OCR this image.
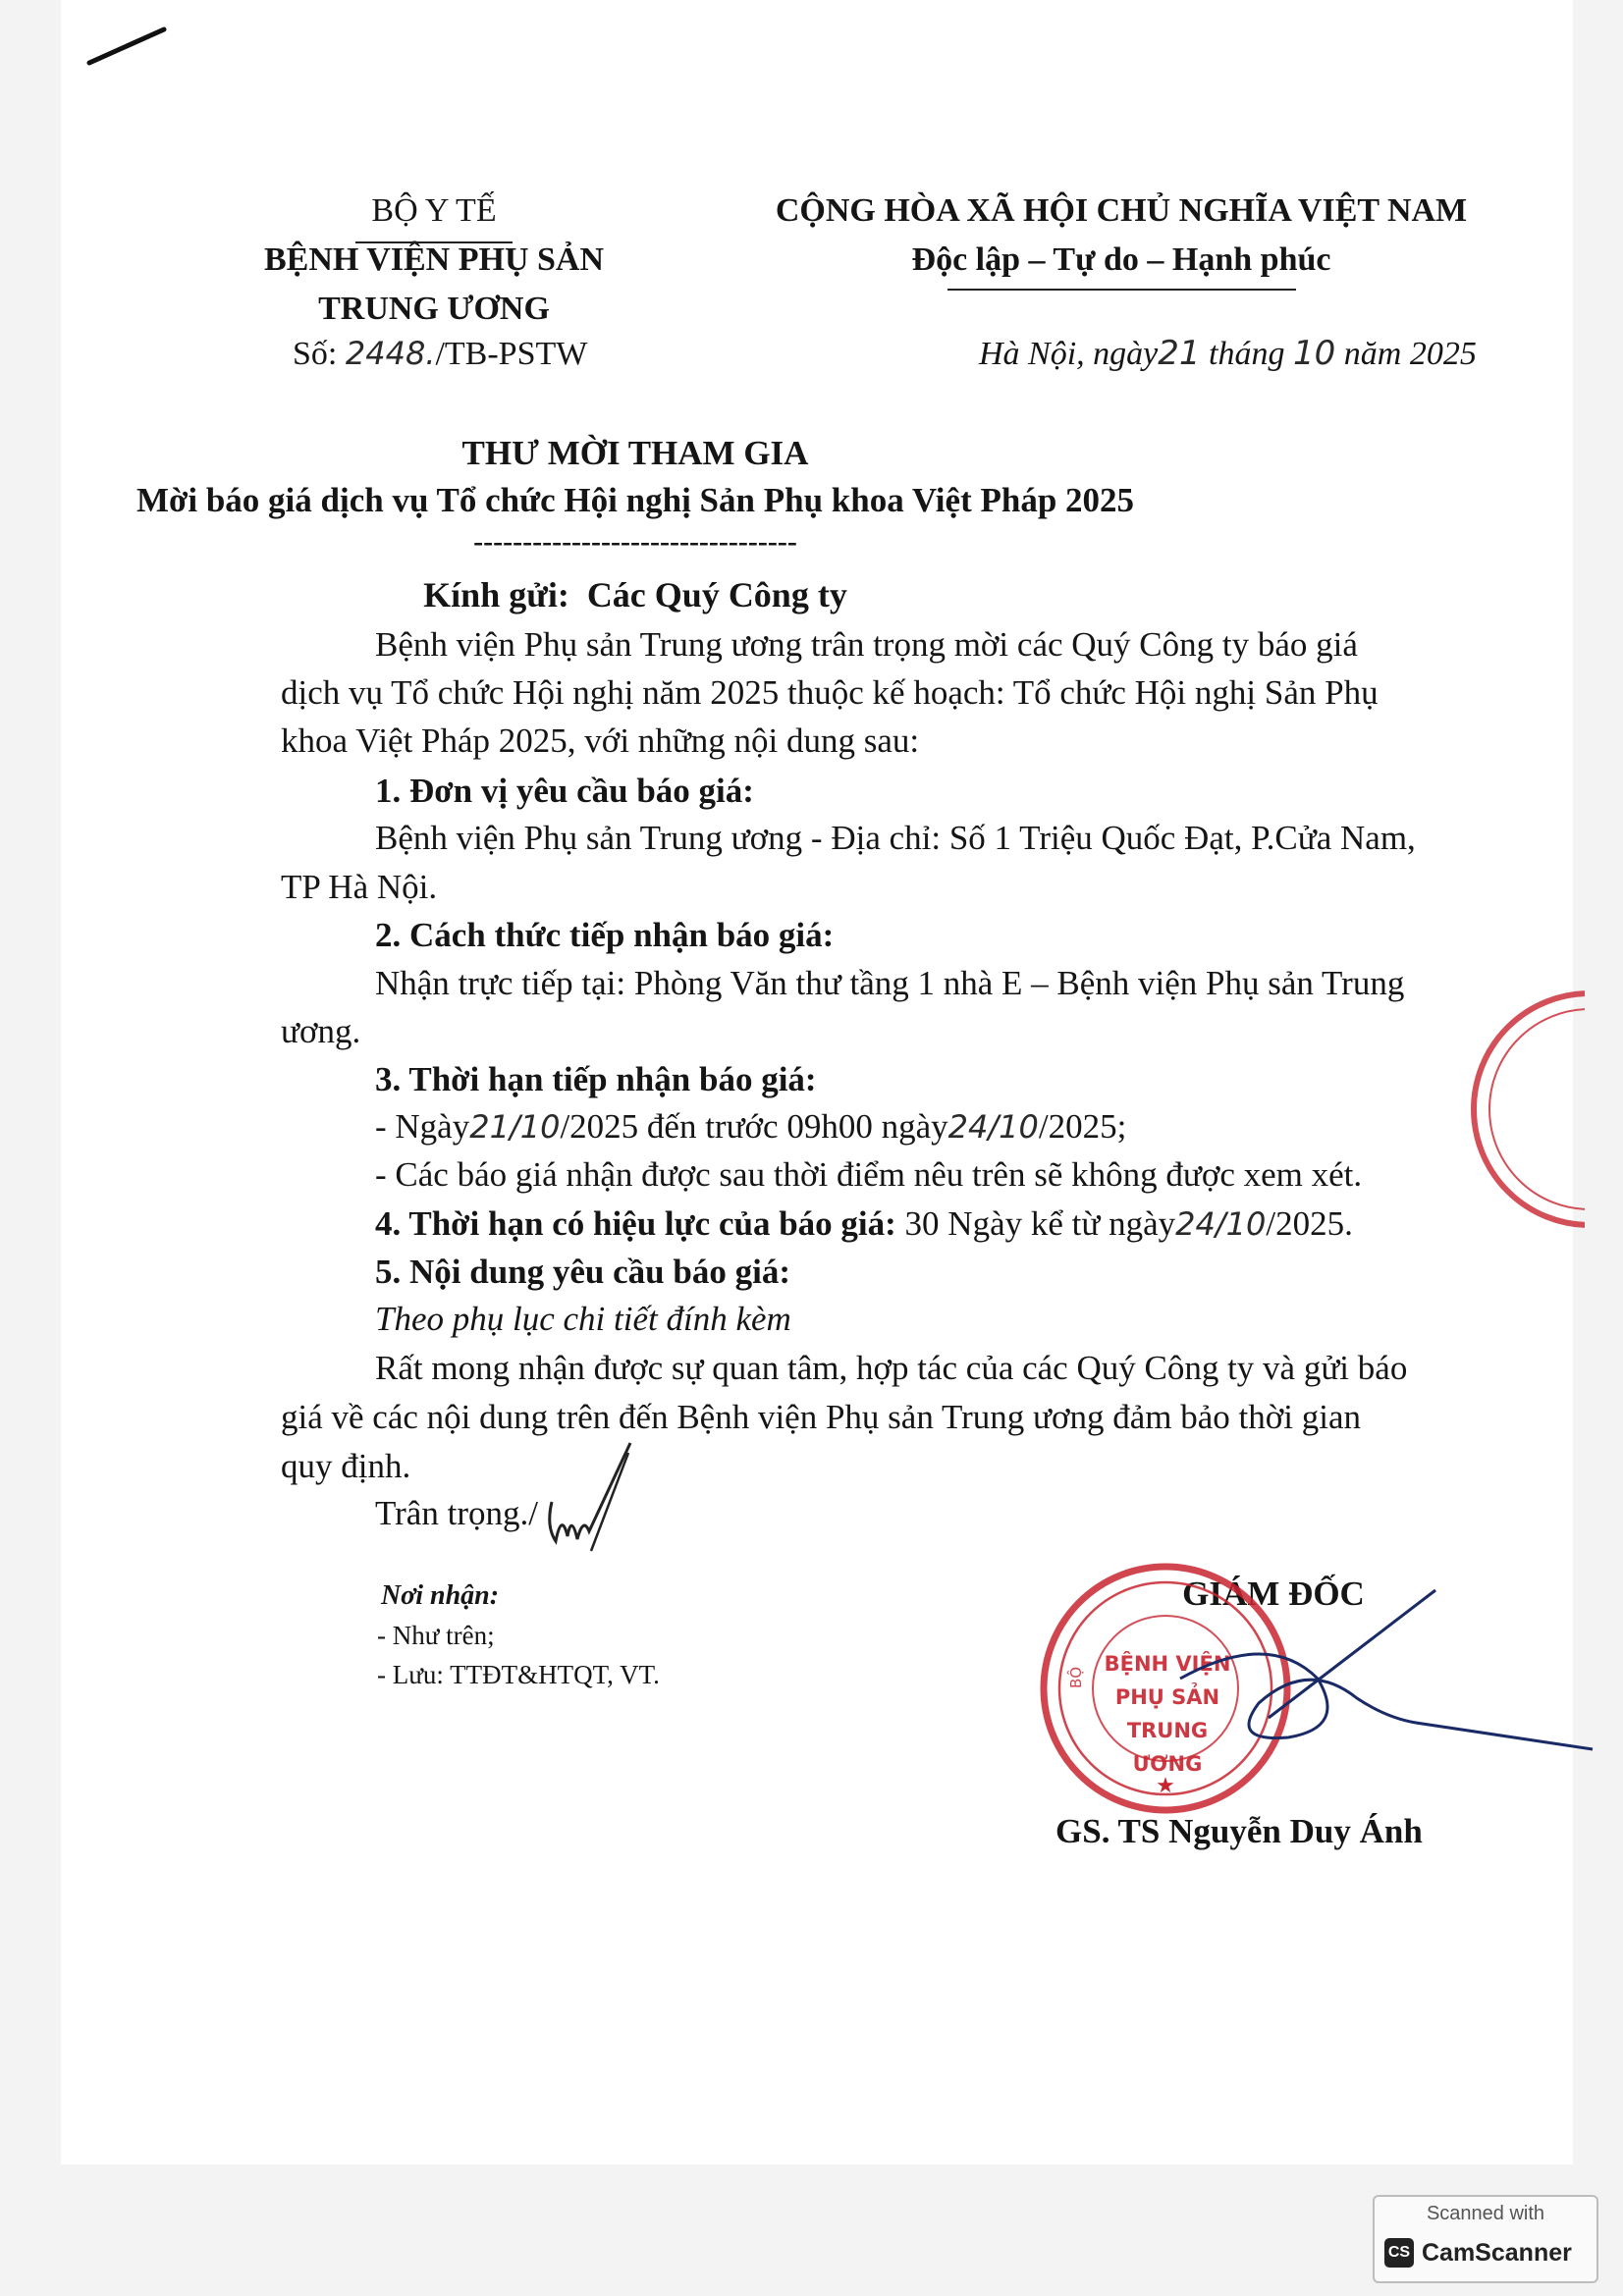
BỘ Y TẾ
BỆNH VIỆN PHỤ SẢN
TRUNG ƯƠNG
Số: 2448./TB-PSTW
CỘNG HÒA XÃ HỘI CHỦ NGHĨA VIỆT NAM
Độc lập – Tự do – Hạnh phúc
Hà Nội, ngày21 tháng 10 năm 2025
THƯ MỜI THAM GIA
Mời báo giá dịch vụ Tổ chức Hội nghị Sản Phụ khoa Việt Pháp 2025
---------------------------------
Kính gửi:  Các Quý Công ty
Bệnh viện Phụ sản Trung ương trân trọng mời các Quý Công ty báo giá
dịch vụ Tổ chức Hội nghị năm 2025 thuộc kế hoạch: Tổ chức Hội nghị Sản Phụ
khoa Việt Pháp 2025, với những nội dung sau:
1. Đơn vị yêu cầu báo giá:
Bệnh viện Phụ sản Trung ương - Địa chỉ: Số 1 Triệu Quốc Đạt, P.Cửa Nam,
TP Hà Nội.
2. Cách thức tiếp nhận báo giá:
Nhận trực tiếp tại: Phòng Văn thư tầng 1 nhà E – Bệnh viện Phụ sản Trung
ương.
3. Thời hạn tiếp nhận báo giá:
- Ngày21/10/2025 đến trước 09h00 ngày24/10/2025;
- Các báo giá nhận được sau thời điểm nêu trên sẽ không được xem xét.
4. Thời hạn có hiệu lực của báo giá: 30 Ngày kể từ ngày24/10/2025.
5. Nội dung yêu cầu báo giá:
Theo phụ lục chi tiết đính kèm
Rất mong nhận được sự quan tâm, hợp tác của các Quý Công ty và gửi báo
giá về các nội dung trên đến Bệnh viện Phụ sản Trung ương đảm bảo thời gian
quy định.
Trân trọng./
Nơi nhận:
- Như trên;
- Lưu: TTĐT&HTQT, VT.
GIÁM ĐỐC
GS. TS Nguyễn Duy Ánh
★
BỆNH VIỆN
PHỤ SẢN
TRUNG ƯƠNG
BỘ
Scanned with
CS CamScanner
